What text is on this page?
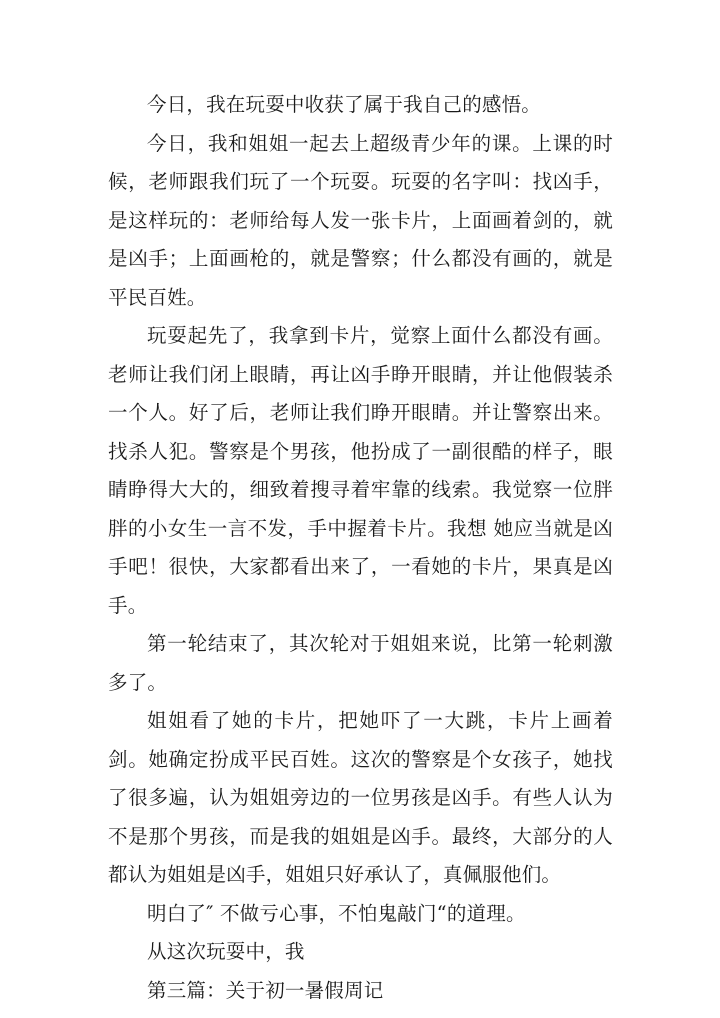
今日，我在玩耍中收获了属于我自己的感悟。

今日，我和姐姐一起去上超级青少年的课。上课的时候，老师跟我们玩了一个玩耍。玩耍的名字叫：找凶手，是这样玩的：老师给每人发一张卡片，上面画着剑的，就是凶手；上面画枪的，就是警察；什么都没有画的，就是平民百姓。

玩耍起先了，我拿到卡片，觉察上面什么都没有画。老师让我们闭上眼睛，再让凶手睁开眼睛，并让他假装杀一个人。好了后，老师让我们睁开眼睛。并让警察出来。找杀人犯。警察是个男孩，他扮成了一副很酷的样子，眼睛睁得大大的，细致着搜寻着牢靠的线索。我觉察一位胖胖的小女生一言不发，手中握着卡片。我想 她应当就是凶手吧！很快，大家都看出来了，一看她的卡片，果真是凶手。

第一轮结束了，其次轮对于姐姐来说，比第一轮刺激多了。

姐姐看了她的卡片，把她吓了一大跳，卡片上画着剑。她确定扮成平民百姓。这次的警察是个女孩子，她找了很多遍，认为姐姐旁边的一位男孩是凶手。有些人认为不是那个男孩，而是我的姐姐是凶手。最终，大部分的人都认为姐姐是凶手，姐姐只好承认了，真佩服他们。

明白了″ 不做亏心事，不怕鬼敲门“的道理。

从这次玩耍中，我

第三篇：关于初一暑假周记
